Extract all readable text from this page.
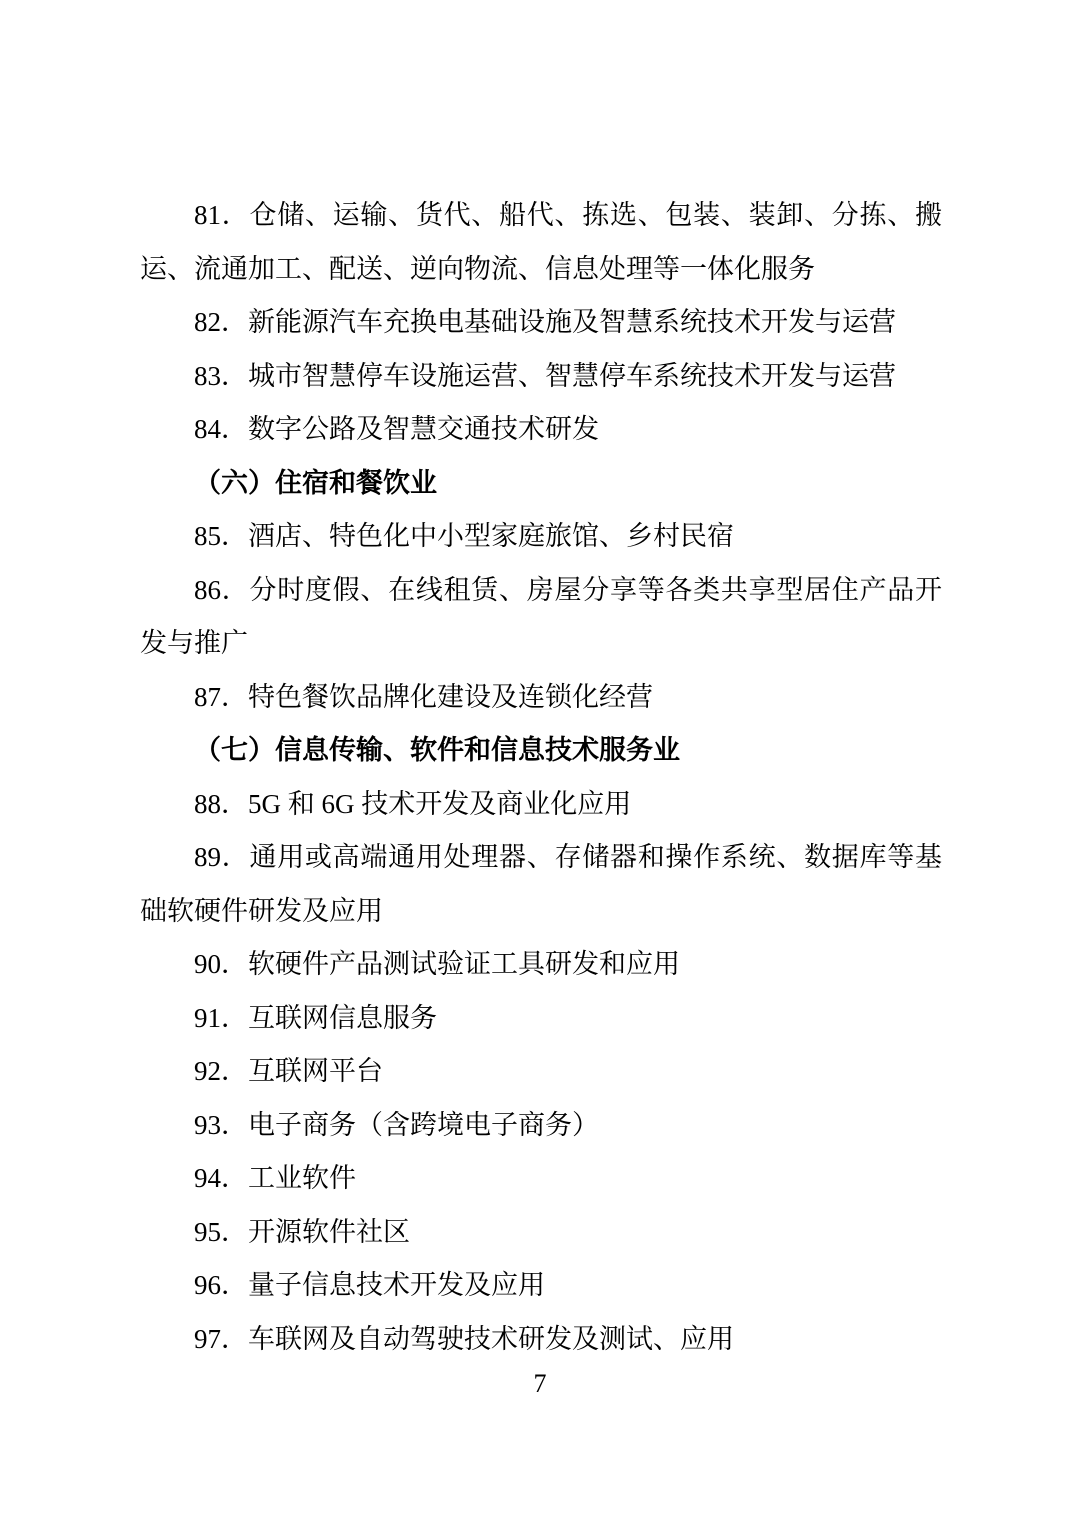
81．仓储、运输、货代、船代、拣选、包装、装卸、分拣、搬运、流通加工、配送、逆向物流、信息处理等一体化服务

82．新能源汽车充换电基础设施及智慧系统技术开发与运营

83．城市智慧停车设施运营、智慧停车系统技术开发与运营

84．数字公路及智慧交通技术研发

（六）住宿和餐饮业

85．酒店、特色化中小型家庭旅馆、乡村民宿

86．分时度假、在线租赁、房屋分享等各类共享型居住产品开发与推广

87．特色餐饮品牌化建设及连锁化经营

（七）信息传输、软件和信息技术服务业

88．5G 和 6G 技术开发及商业化应用

89．通用或高端通用处理器、存储器和操作系统、数据库等基础软硬件研发及应用

90．软硬件产品测试验证工具研发和应用

91．互联网信息服务

92．互联网平台

93．电子商务（含跨境电子商务）

94．工业软件

95．开源软件社区

96．量子信息技术开发及应用

97．车联网及自动驾驶技术研发及测试、应用

7
